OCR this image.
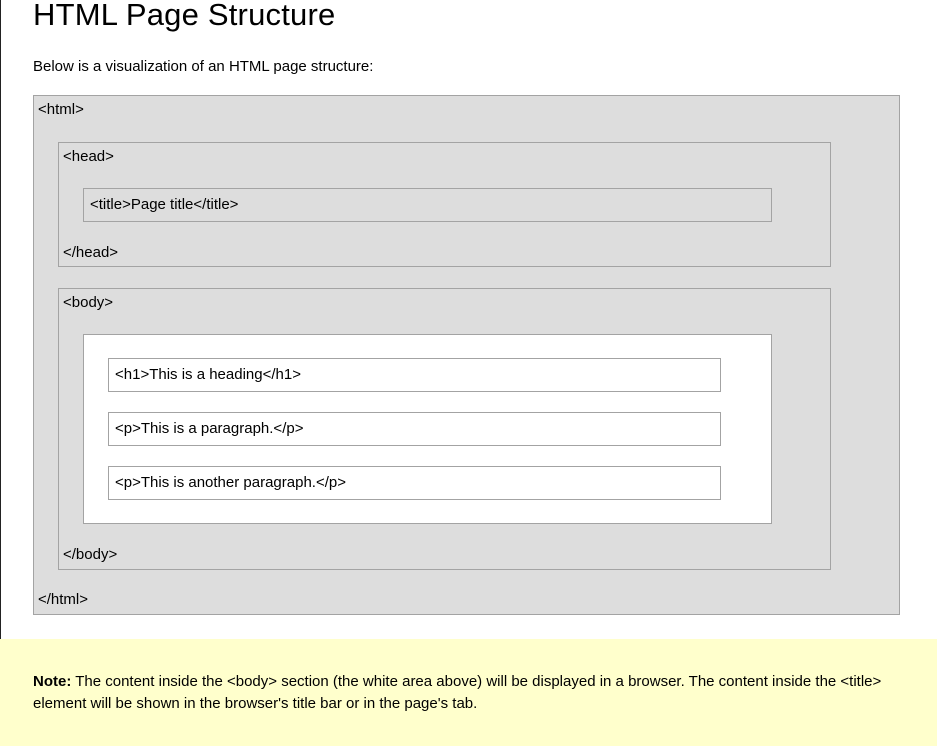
HTML Page Structure
Below is a visualization of an HTML page structure:
<html>
<head>
<title>Page title</title>
</head>
<body>
<h1>This is a heading</h1>
<p>This is a paragraph.</p>
<p>This is another paragraph.</p>
</body>
</html>
Note: The content inside the <body> section (the white area above) will be displayed in a browser. The content inside the <title> element will be shown in the browser's title bar or in the page's tab.
